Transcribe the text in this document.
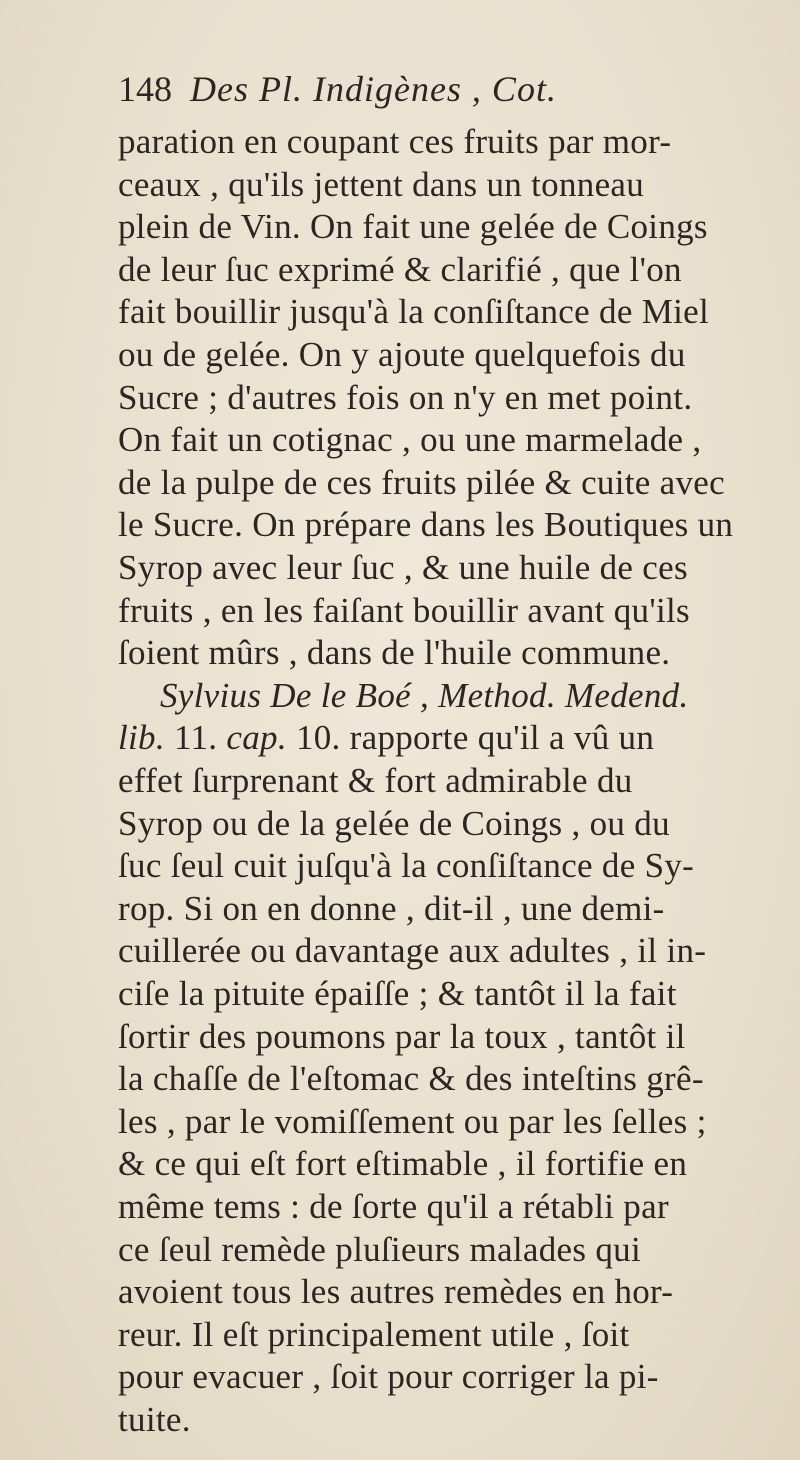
148 Des Pl. Indigènes , Cot.
paration en coupant ces fruits par mor-
ceaux , qu'ils jettent dans un tonneau
plein de Vin. On fait une gelée de Coings
de leur ſuc exprimé & clarifié , que l'on
fait bouillir jusqu'à la conſiſtance de Miel
ou de gelée. On y ajoute quelquefois du
Sucre ; d'autres fois on n'y en met point.
On fait un cotignac , ou une marmelade ,
de la pulpe de ces fruits pilée & cuite avec
le Sucre. On prépare dans les Boutiques un
Syrop avec leur ſuc , & une huile de ces
fruits , en les faiſant bouillir avant qu'ils
ſoient mûrs , dans de l'huile commune.
Sylvius De le Boé , Method. Medend.
lib. 11. cap. 10. rapporte qu'il a vû un
effet ſurprenant & fort admirable du
Syrop ou de la gelée de Coings , ou du
ſuc ſeul cuit juſqu'à la conſiſtance de Sy-
rop. Si on en donne , dit-il , une demi-
cuillerée ou davantage aux adultes , il in-
ciſe la pituite épaiſſe ; & tantôt il la fait
ſortir des poumons par la toux , tantôt il
la chaſſe de l'eſtomac & des inteſtins grê-
les , par le vomiſſement ou par les ſelles ;
& ce qui eſt fort eſtimable , il fortifie en
même tems : de ſorte qu'il a rétabli par
ce ſeul remède pluſieurs malades qui
avoient tous les autres remèdes en hor-
reur. Il eſt principalement utile , ſoit
pour evacuer , ſoit pour corriger la pi-
tuite.
